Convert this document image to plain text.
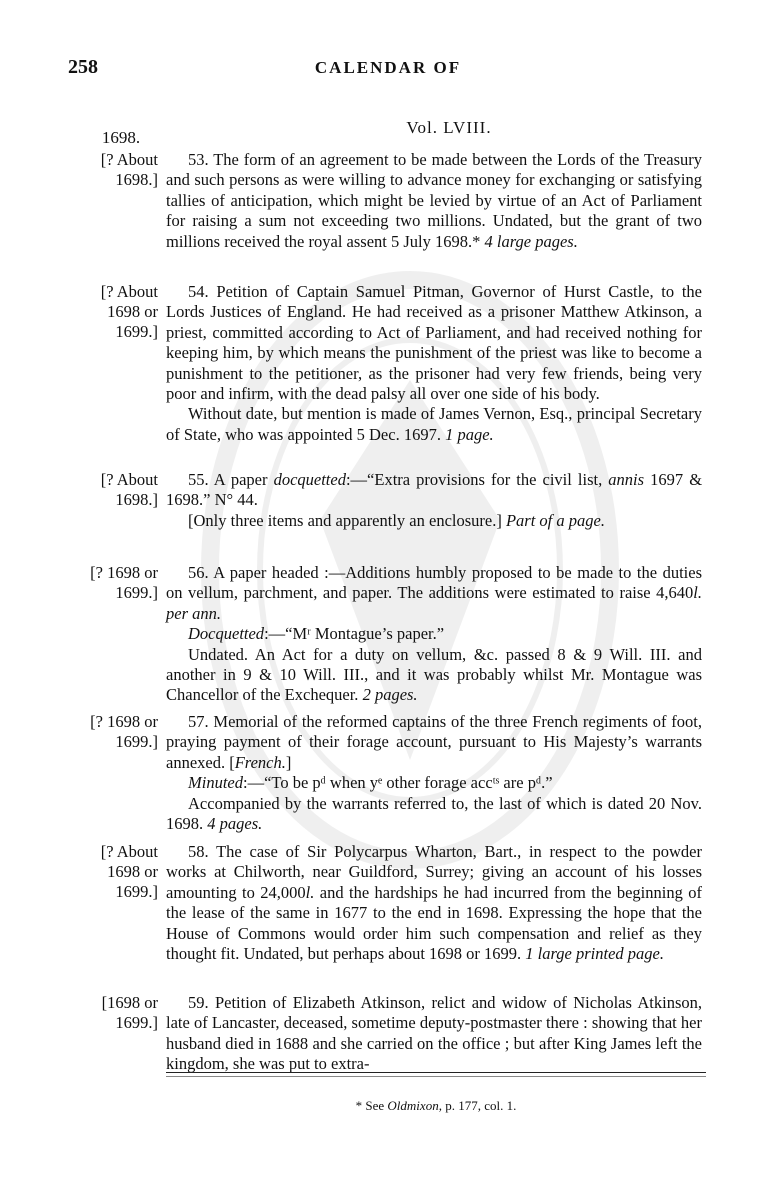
258	CALENDAR OF
Vol. LVIII.
1698.
[? About
1698.]

53. The form of an agreement to be made between the Lords of the Treasury and such persons as were willing to advance money for exchanging or satisfying tallies of anticipation, which might be levied by virtue of an Act of Parliament for raising a sum not exceeding two millions. Undated, but the grant of two millions received the royal assent 5 July 1698.* 4 large pages.

[? About
1698 or
1699.]

54. Petition of Captain Samuel Pitman, Governor of Hurst Castle, to the Lords Justices of England. He had received as a prisoner Matthew Atkinson, a priest, committed according to Act of Parliament, and had received nothing for keeping him, by which means the punishment of the priest was like to become a punishment to the petitioner, as the prisoner had very few friends, being very poor and infirm, with the dead palsy all over one side of his body.

Without date, but mention is made of James Vernon, Esq., principal Secretary of State, who was appointed 5 Dec. 1697. 1 page.

[? About
1698.]

55. A paper docquetted:—“Extra provisions for the civil list, annis 1697 & 1698.” N° 44.

[Only three items and apparently an enclosure.] Part of a page.

[? 1698 or
1699.]

56. A paper headed :—Additions humbly proposed to be made to the duties on vellum, parchment, and paper. The additions were estimated to raise 4,640l. per ann.

Docquetted:—“Mʳ Montague’s paper.”

Undated. An Act for a duty on vellum, &c. passed 8 & 9 Will. III. and another in 9 & 10 Will. III., and it was probably whilst Mr. Montague was Chancellor of the Exchequer. 2 pages.

[? 1698 or
1699.]

57. Memorial of the reformed captains of the three French regiments of foot, praying payment of their forage account, pursuant to His Majesty’s warrants annexed. [French.]

Minuted:—“To be pᵈ when yᵉ other forage accᵗˢ are pᵈ.”

Accompanied by the warrants referred to, the last of which is dated 20 Nov. 1698. 4 pages.

[? About
1698 or
1699.]

58. The case of Sir Polycarpus Wharton, Bart., in respect to the powder works at Chilworth, near Guildford, Surrey; giving an account of his losses amounting to 24,000l. and the hardships he had incurred from the beginning of the lease of the same in 1677 to the end in 1698. Expressing the hope that the House of Commons would order him such compensation and relief as they thought fit. Undated, but perhaps about 1698 or 1699. 1 large printed page.

[1698 or
1699.]

59. Petition of Elizabeth Atkinson, relict and widow of Nicholas Atkinson, late of Lancaster, deceased, sometime deputy-postmaster there : showing that her husband died in 1688 and she carried on the office ; but after King James left the kingdom, she was put to extra-

* See Oldmixon, p. 177, col. 1.
